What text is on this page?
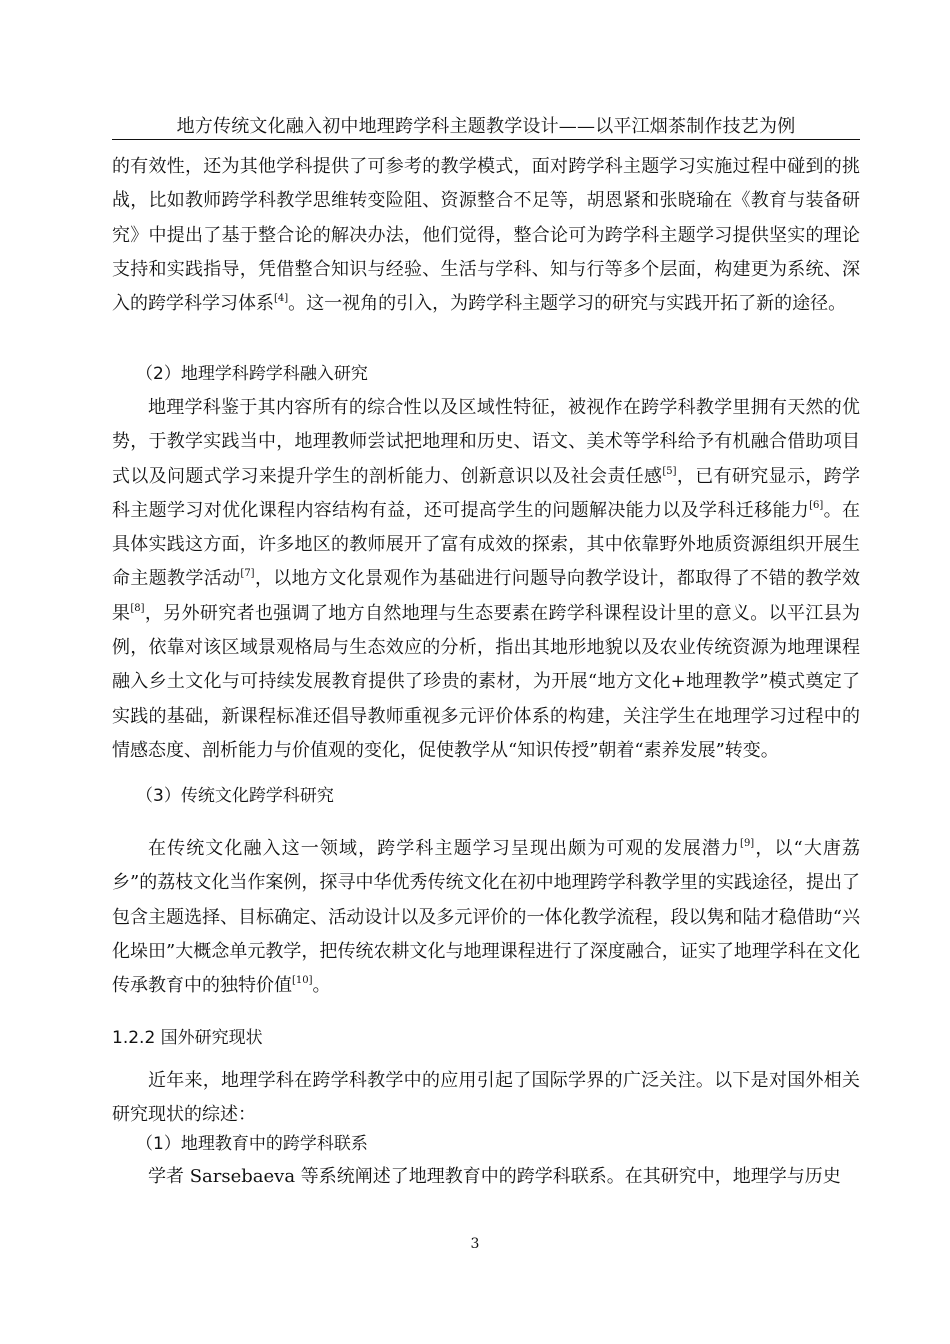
地方传统文化融入初中地理跨学科主题教学设计——以平江烟茶制作技艺为例

的有效性，还为其他学科提供了可参考的教学模式，面对跨学科主题学习实施过程中碰到的挑战，比如教师跨学科教学思维转变险阻、资源整合不足等，胡恩紧和张晓瑜在《教育与装备研究》中提出了基于整合论的解决办法，他们觉得，整合论可为跨学科主题学习提供坚实的理论支持和实践指导，凭借整合知识与经验、生活与学科、知与行等多个层面，构建更为系统、深入的跨学科学习体系[4]。这一视角的引入，为跨学科主题学习的研究与实践开拓了新的途径。

（2）地理学科跨学科融入研究

地理学科鉴于其内容所有的综合性以及区域性特征，被视作在跨学科教学里拥有天然的优势，于教学实践当中，地理教师尝试把地理和历史、语文、美术等学科给予有机融合借助项目式以及问题式学习来提升学生的剖析能力、创新意识以及社会责任感[5]，已有研究显示，跨学科主题学习对优化课程内容结构有益，还可提高学生的问题解决能力以及学科迁移能力[6]。在具体实践这方面，许多地区的教师展开了富有成效的探索，其中依靠野外地质资源组织开展生命主题教学活动[7]，以地方文化景观作为基础进行问题导向教学设计，都取得了不错的教学效果[8]，另外研究者也强调了地方自然地理与生态要素在跨学科课程设计里的意义。以平江县为例，依靠对该区域景观格局与生态效应的分析，指出其地形地貌以及农业传统资源为地理课程融入乡土文化与可持续发展教育提供了珍贵的素材，为开展“地方文化+地理教学”模式奠定了实践的基础，新课程标准还倡导教师重视多元评价体系的构建，关注学生在地理学习过程中的情感态度、剖析能力与价值观的变化，促使教学从“知识传授”朝着“素养发展”转变。

（3）传统文化跨学科研究

在传统文化融入这一领域，跨学科主题学习呈现出颇为可观的发展潜力[9]，以“大唐荔乡”的荔枝文化当作案例，探寻中华优秀传统文化在初中地理跨学科教学里的实践途径，提出了包含主题选择、目标确定、活动设计以及多元评价的一体化教学流程，段以隽和陆才稳借助“兴化垛田”大概念单元教学，把传统农耕文化与地理课程进行了深度融合，证实了地理学科在文化传承教育中的独特价值[10]。

1.2.2 国外研究现状

近年来，地理学科在跨学科教学中的应用引起了国际学界的广泛关注。以下是对国外相关研究现状的综述：

（1）地理教育中的跨学科联系

学者 Sarsebaeva 等系统阐述了地理教育中的跨学科联系。在其研究中，地理学与历史

3
